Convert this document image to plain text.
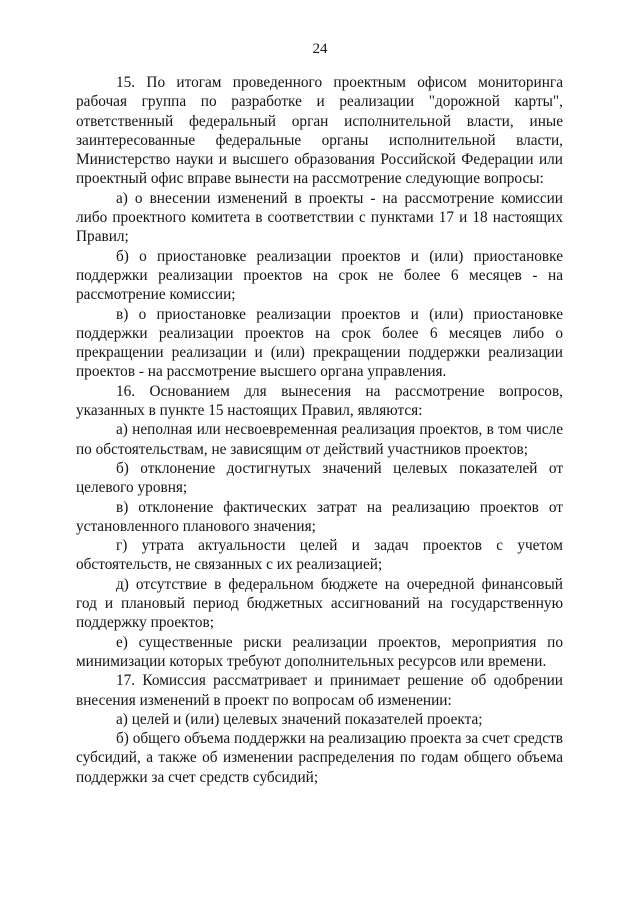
24

15. По итогам проведенного проектным офисом мониторинга рабочая группа по разработке и реализации "дорожной карты", ответственный федеральный орган исполнительной власти, иные заинтересованные федеральные органы исполнительной власти, Министерство науки и высшего образования Российской Федерации или проектный офис вправе вынести на рассмотрение следующие вопросы:

а) о внесении изменений в проекты - на рассмотрение комиссии либо проектного комитета в соответствии с пунктами 17 и 18 настоящих Правил;

б) о приостановке реализации проектов и (или) приостановке поддержки реализации проектов на срок не более 6 месяцев - на рассмотрение комиссии;

в) о приостановке реализации проектов и (или) приостановке поддержки реализации проектов на срок более 6 месяцев либо о прекращении реализации и (или) прекращении поддержки реализации проектов - на рассмотрение высшего органа управления.

16. Основанием для вынесения на рассмотрение вопросов, указанных в пункте 15 настоящих Правил, являются:

а) неполная или несвоевременная реализация проектов, в том числе по обстоятельствам, не зависящим от действий участников проектов;

б) отклонение достигнутых значений целевых показателей от целевого уровня;

в) отклонение фактических затрат на реализацию проектов от установленного планового значения;

г) утрата актуальности целей и задач проектов с учетом обстоятельств, не связанных с их реализацией;

д) отсутствие в федеральном бюджете на очередной финансовый год и плановый период бюджетных ассигнований на государственную поддержку проектов;

е) существенные риски реализации проектов, мероприятия по минимизации которых требуют дополнительных ресурсов или времени.

17. Комиссия рассматривает и принимает решение об одобрении внесения изменений в проект по вопросам об изменении:

а) целей и (или) целевых значений показателей проекта;

б) общего объема поддержки на реализацию проекта за счет средств субсидий, а также об изменении распределения по годам общего объема поддержки за счет средств субсидий;
